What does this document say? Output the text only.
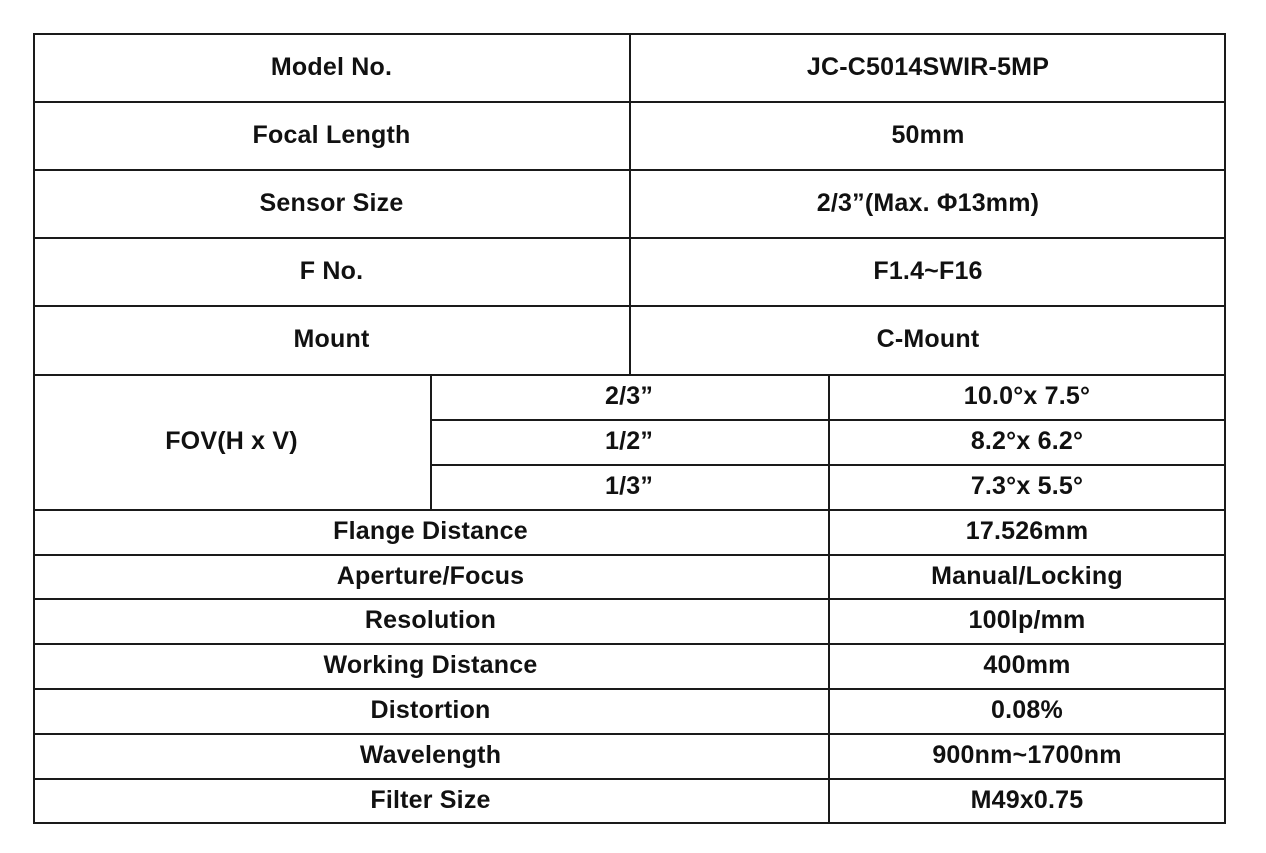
Model No.	JC-C5014SWIR-5MP
Focal Length	50mm
Sensor Size	2/3”(Max. Φ13mm)
F No.	F1.4~F16
Mount	C-Mount
FOV(H x V)
2/3”	10.0°x 7.5°
1/2”	8.2°x 6.2°
1/3”	7.3°x 5.5°
Flange Distance	17.526mm
Aperture/Focus	Manual/Locking
Resolution	100lp/mm
Working Distance	400mm
Distortion	0.08%
Wavelength	900nm~1700nm
Filter Size	M49x0.75
